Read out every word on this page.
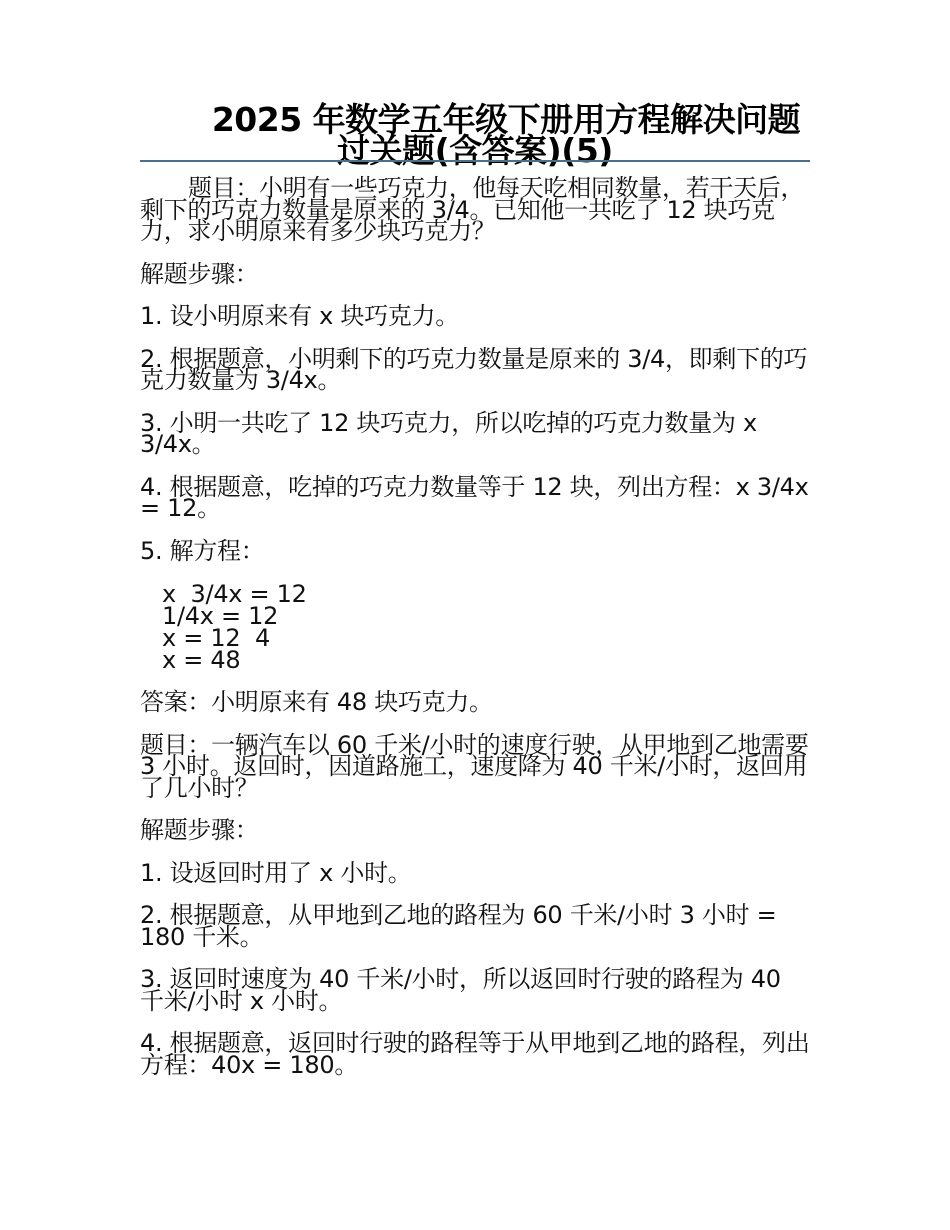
2025 年数学五年级下册用方程解决问题
过关题(含答案)(5)

题目：小明有一些巧克力，他每天吃相同数量，若干天后，剩下的巧克力数量是原来的 3/4。已知他一共吃了 12 块巧克力，求小明原来有多少块巧克力？

解题步骤：

1. 设小明原来有 x 块巧克力。

2. 根据题意，小明剩下的巧克力数量是原来的 3/4，即剩下的巧克力数量为 3/4x。

3. 小明一共吃了 12 块巧克力，所以吃掉的巧克力数量为 x 3/4x。

4. 根据题意，吃掉的巧克力数量等于 12 块，列出方程：x 3/4x = 12。

5. 解方程：

x  3/4x = 12
1/4x = 12
x = 12  4
x = 48

答案：小明原来有 48 块巧克力。

题目：一辆汽车以 60 千米/小时的速度行驶，从甲地到乙地需要 3 小时。返回时，因道路施工，速度降为 40 千米/小时，返回用了几小时？

解题步骤：

1. 设返回时用了 x 小时。

2. 根据题意，从甲地到乙地的路程为 60 千米/小时 3 小时 = 180 千米。

3. 返回时速度为 40 千米/小时，所以返回时行驶的路程为 40 千米/小时 x 小时。

4. 根据题意，返回时行驶的路程等于从甲地到乙地的路程，列出方程：40x = 180。
